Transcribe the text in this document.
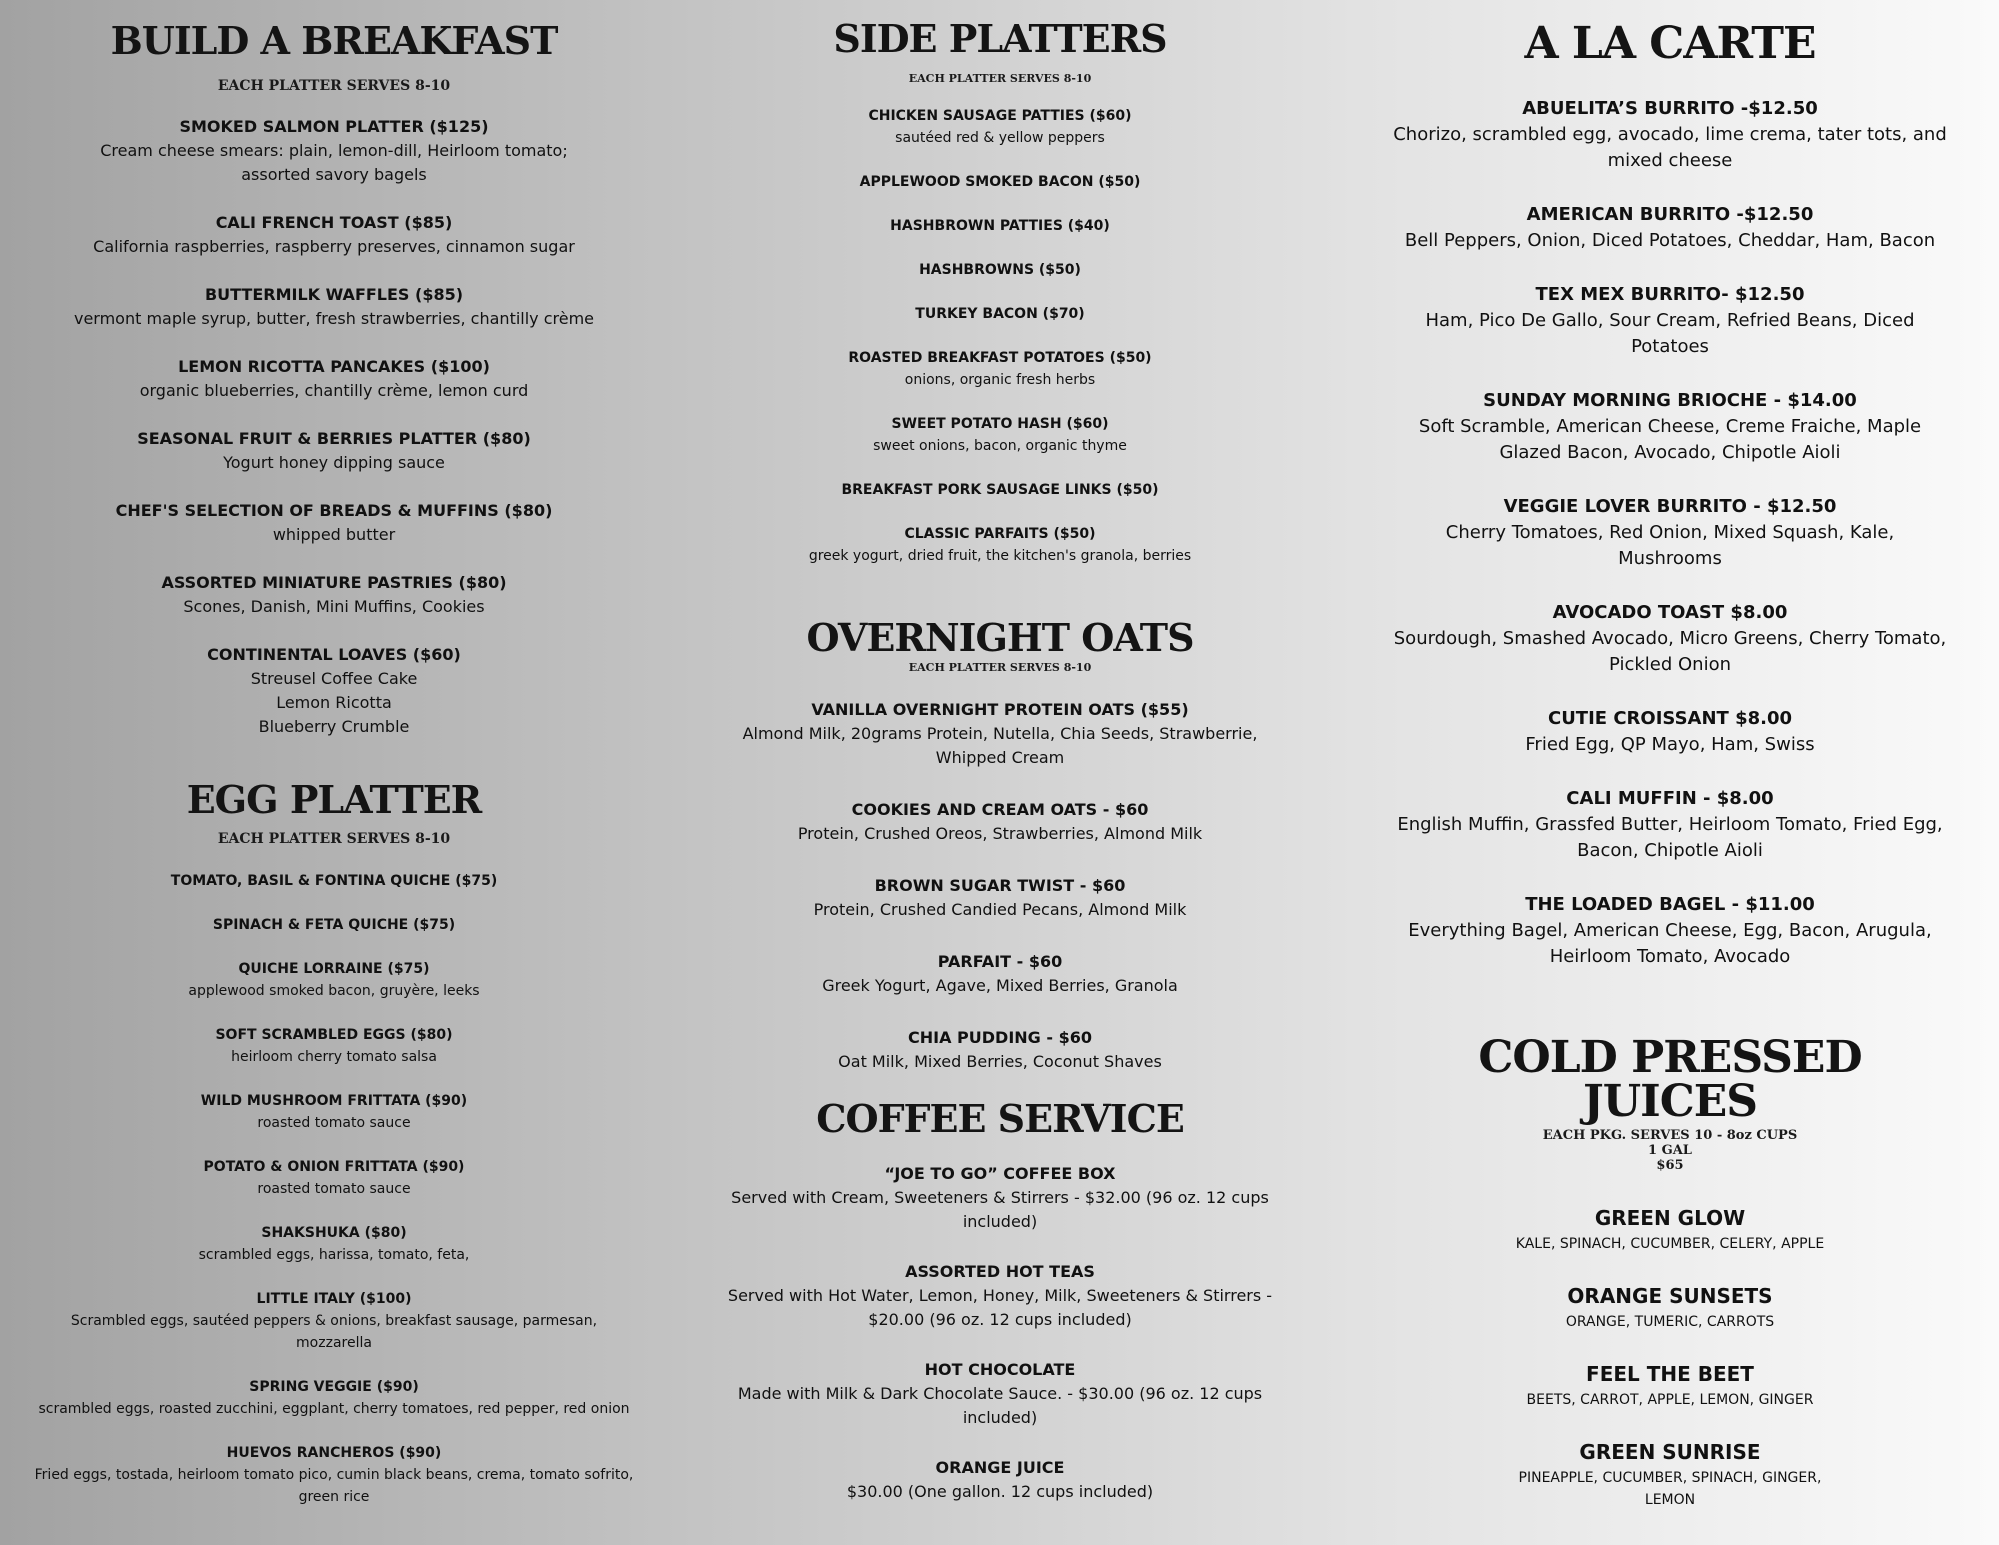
BUILD A BREAKFAST
EACH PLATTER SERVES 8-10
SMOKED SALMON PLATTER ($125)
Cream cheese smears: plain, lemon-dill, Heirloom tomato;
assorted savory bagels
CALI FRENCH TOAST ($85)
California raspberries, raspberry preserves, cinnamon sugar
BUTTERMILK WAFFLES ($85)
vermont maple syrup, butter, fresh strawberries, chantilly crème
LEMON RICOTTA PANCAKES ($100)
organic blueberries, chantilly crème, lemon curd
SEASONAL FRUIT & BERRIES PLATTER ($80)
Yogurt honey dipping sauce
CHEF'S SELECTION OF BREADS & MUFFINS ($80)
whipped butter
ASSORTED MINIATURE PASTRIES ($80)
Scones, Danish, Mini Muffins, Cookies
CONTINENTAL LOAVES ($60)
Streusel Coffee Cake
Lemon Ricotta
Blueberry Crumble
EGG PLATTER
EACH PLATTER SERVES 8-10
TOMATO, BASIL & FONTINA QUICHE ($75)
SPINACH & FETA QUICHE ($75)
QUICHE LORRAINE ($75)
applewood smoked bacon, gruyère, leeks
SOFT SCRAMBLED EGGS ($80)
heirloom cherry tomato salsa
WILD MUSHROOM FRITTATA ($90)
roasted tomato sauce
POTATO & ONION FRITTATA ($90)
roasted tomato sauce
SHAKSHUKA ($80)
scrambled eggs, harissa, tomato, feta,
LITTLE ITALY ($100)
Scrambled eggs, sautéed peppers & onions, breakfast sausage, parmesan,
mozzarella
SPRING VEGGIE ($90)
scrambled eggs, roasted zucchini, eggplant, cherry tomatoes, red pepper, red onion
HUEVOS RANCHEROS ($90)
Fried eggs, tostada, heirloom tomato pico, cumin black beans, crema, tomato sofrito,
green rice
SIDE PLATTERS
EACH PLATTER SERVES 8-10
CHICKEN SAUSAGE PATTIES ($60)
sautéed red & yellow peppers
APPLEWOOD SMOKED BACON ($50)
HASHBROWN PATTIES ($40)
HASHBROWNS ($50)
TURKEY BACON ($70)
ROASTED BREAKFAST POTATOES ($50)
onions, organic fresh herbs
SWEET POTATO HASH ($60)
sweet onions, bacon, organic thyme
BREAKFAST PORK SAUSAGE LINKS ($50)
CLASSIC PARFAITS ($50)
greek yogurt, dried fruit, the kitchen's granola, berries
OVERNIGHT OATS
EACH PLATTER SERVES 8-10
VANILLA OVERNIGHT PROTEIN OATS ($55)
Almond Milk, 20grams Protein, Nutella, Chia Seeds, Strawberrie,
Whipped Cream
COOKIES AND CREAM OATS - $60
Protein, Crushed Oreos, Strawberries, Almond Milk
BROWN SUGAR TWIST - $60
Protein, Crushed Candied Pecans, Almond Milk
PARFAIT - $60
Greek Yogurt, Agave, Mixed Berries, Granola
CHIA PUDDING - $60
Oat Milk, Mixed Berries, Coconut Shaves
COFFEE SERVICE
“JOE TO GO” COFFEE BOX
Served with Cream, Sweeteners & Stirrers - $32.00 (96 oz. 12 cups
included)
ASSORTED HOT TEAS
Served with Hot Water, Lemon, Honey, Milk, Sweeteners & Stirrers -
$20.00 (96 oz. 12 cups included)
HOT CHOCOLATE
Made with Milk & Dark Chocolate Sauce. - $30.00 (96 oz. 12 cups
included)
ORANGE JUICE
$30.00 (One gallon. 12 cups included)
A LA CARTE
ABUELITA’S BURRITO -$12.50
Chorizo, scrambled egg, avocado, lime crema, tater tots, and
mixed cheese
AMERICAN BURRITO -$12.50
Bell Peppers, Onion, Diced Potatoes, Cheddar, Ham, Bacon
TEX MEX BURRITO- $12.50
Ham, Pico De Gallo, Sour Cream, Refried Beans, Diced
Potatoes
SUNDAY MORNING BRIOCHE - $14.00
Soft Scramble, American Cheese, Creme Fraiche, Maple
Glazed Bacon, Avocado, Chipotle Aioli
VEGGIE LOVER BURRITO - $12.50
Cherry Tomatoes, Red Onion, Mixed Squash, Kale,
Mushrooms
AVOCADO TOAST $8.00
Sourdough, Smashed Avocado, Micro Greens, Cherry Tomato,
Pickled Onion
CUTIE CROISSANT $8.00
Fried Egg, QP Mayo, Ham, Swiss
CALI MUFFIN - $8.00
English Muffin, Grassfed Butter, Heirloom Tomato, Fried Egg,
Bacon, Chipotle Aioli
THE LOADED BAGEL - $11.00
Everything Bagel, American Cheese, Egg, Bacon, Arugula,
Heirloom Tomato, Avocado
COLD PRESSED
JUICES
EACH PKG. SERVES 10 - 8oz CUPS
1 GAL
$65
GREEN GLOW
KALE, SPINACH, CUCUMBER, CELERY, APPLE
ORANGE SUNSETS
ORANGE, TUMERIC, CARROTS
FEEL THE BEET
BEETS, CARROT, APPLE, LEMON, GINGER
GREEN SUNRISE
PINEAPPLE, CUCUMBER, SPINACH, GINGER,
LEMON
